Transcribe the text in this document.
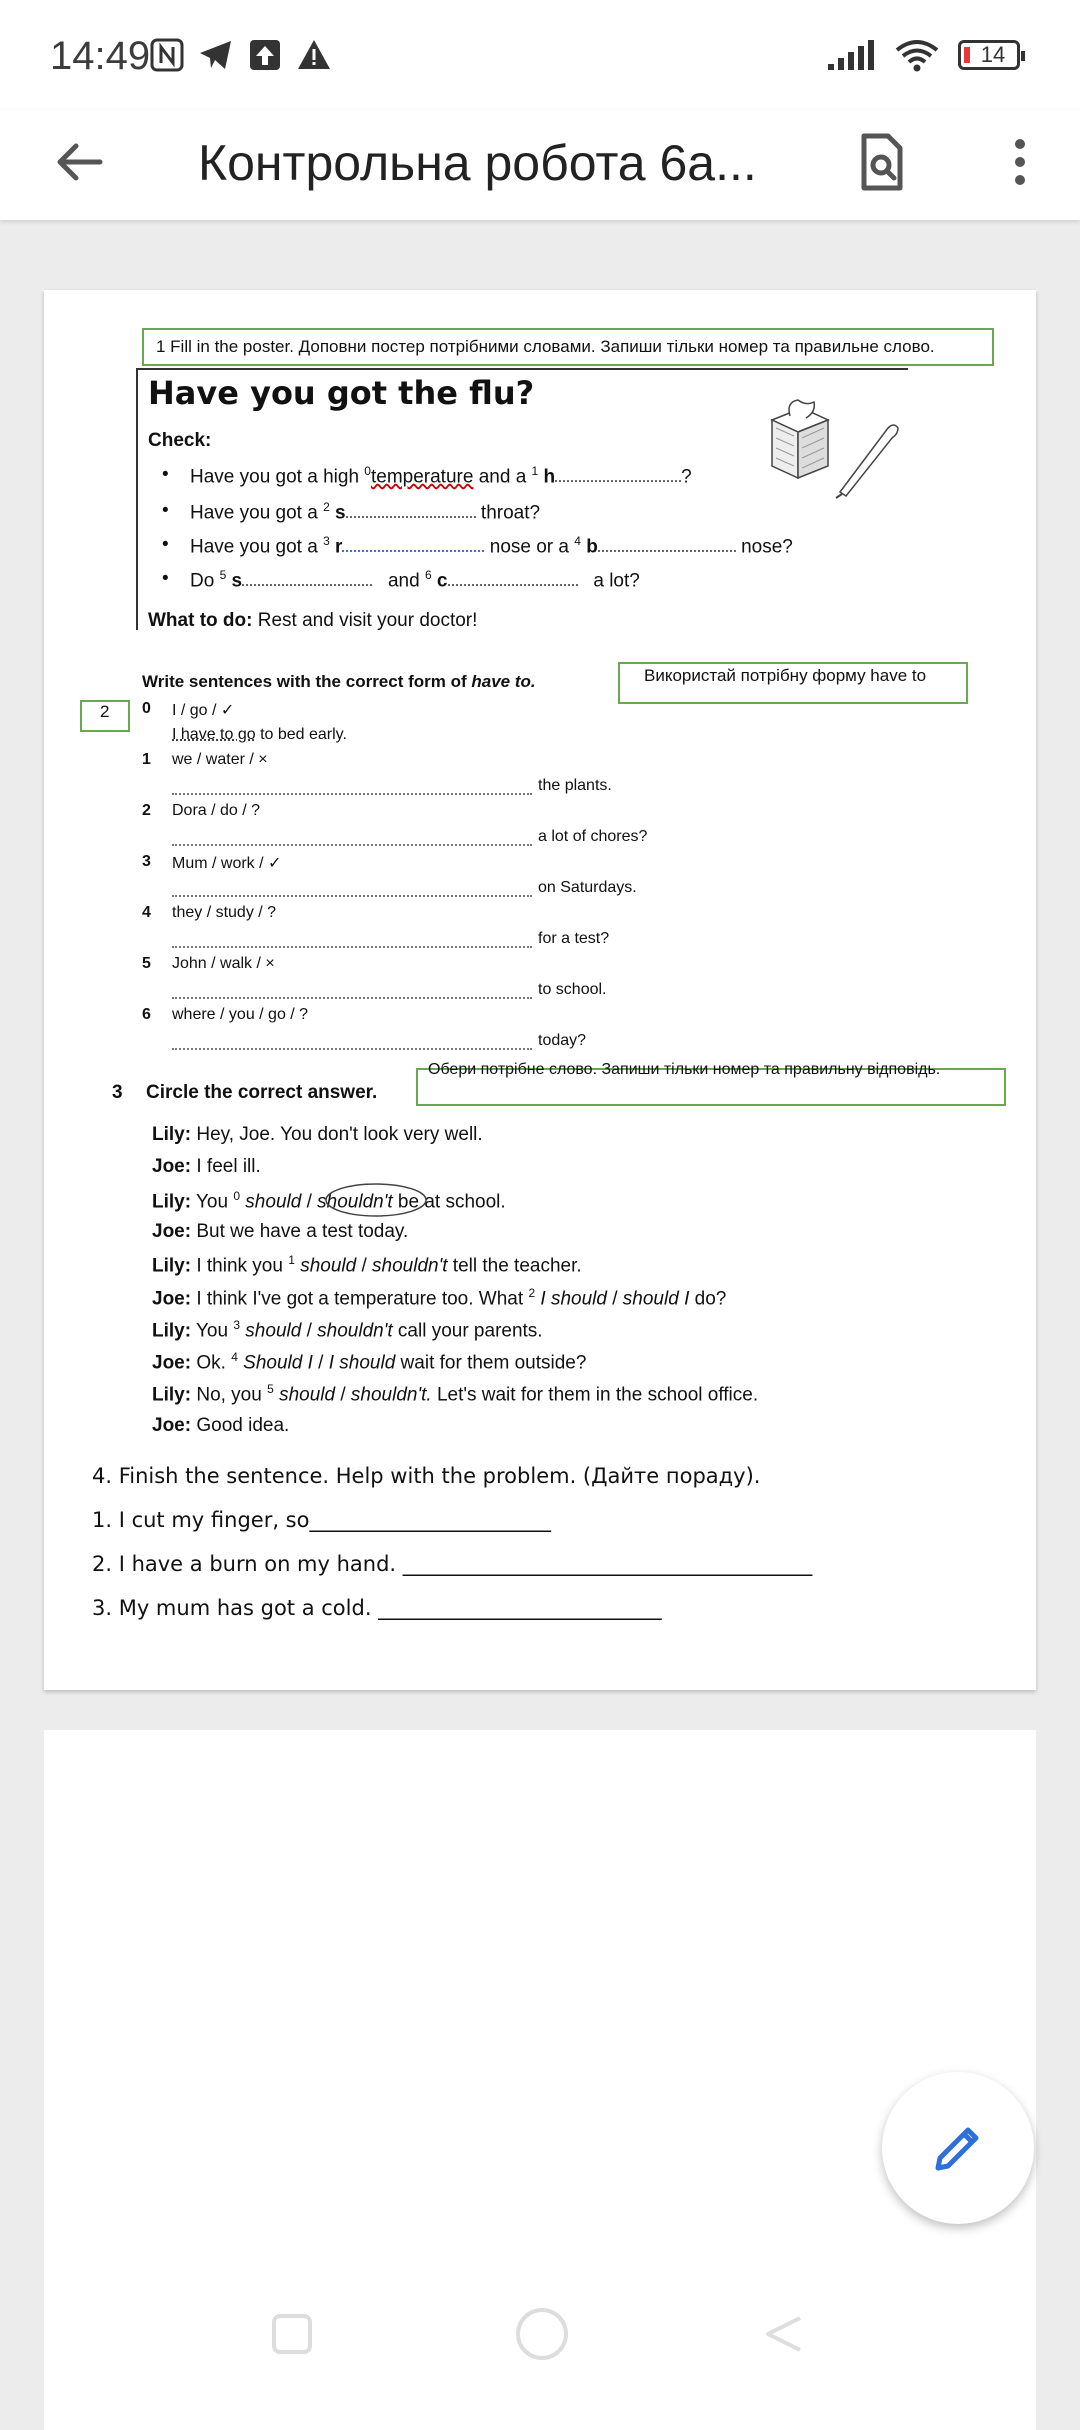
14:49	14
Контрольна робота 6а...
1 Fill in the poster. Доповни постер потрібними словами. Запиши тільки номер та правильне слово.
Have you got the flu?
Check:
• Have you got a high $^0$temperature and a $^1$ h	?
• Have you got a $^2$ s	throat?
• Have you got a $^3$ r	nose or a $^4$ b	nose?
• Do $^5$ s	and $^6$ c	a lot?
What to do: Rest and visit your doctor!
Використай потрібну форму have to
Write sentences with the correct form of have to.
2 0 I / go / ✓
I have to go to bed early.
1 we / water / ×
the plants.
2 Dora / do / ?
a lot of chores?
3 Mum / work / ✓
on Saturdays.
4 they / study / ?
for a test?
5 John / walk / ×
to school.
6 where / you / go / ?
today?
Обери потрібне слово. Запиши тільки номер та правильну відповідь.
3 Circle the correct answer.
Lily: Hey, Joe. You don't look very well.
Joe: I feel ill.
Lily: You $^0$ should / shouldn't be at school.
Joe: But we have a test today.
Lily: I think you $^1$ should / shouldn't tell the teacher.
Joe: I think I've got a temperature too. What $^2$ I should / should I do?
Lily: You $^3$ should / shouldn't call your parents.
Joe: Ok. $^4$ Should I / I should wait for them outside?
Lily: No, you $^5$ should / shouldn't. Let's wait for them in the school office.
Joe: Good idea.
4. Finish the sentence. Help with the problem. (Дайте пораду).
1. I cut my finger, so_______________________
2. I have a burn on my hand. _______________________________________
3. My mum has got a cold. ___________________________
